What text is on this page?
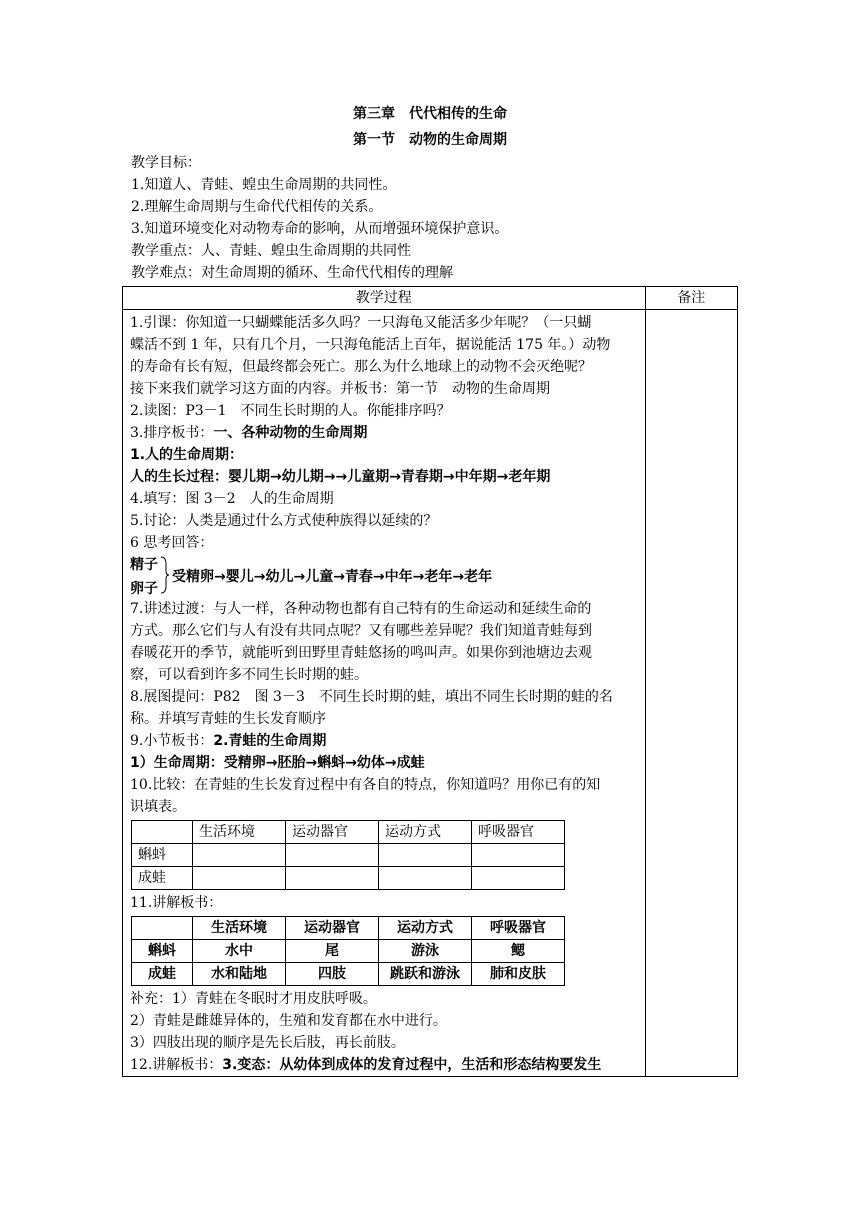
第三章　代代相传的生命
第一节　动物的生命周期
教学目标：
1.知道人、青蛙、蝗虫生命周期的共同性。
2.理解生命周期与生命代代相传的关系。
3.知道环境变化对动物寿命的影响，从而增强环境保护意识。
教学重点：人、青蛙、蝗虫生命周期的共同性
教学难点：对生命周期的循环、生命代代相传的理解
教学过程	备注

1.引课：你知道一只蝴蝶能活多久吗？一只海龟又能活多少年呢？（一只蝴
蝶活不到 1 年，只有几个月，一只海龟能活上百年，据说能活 175 年。）动物
的寿命有长有短，但最终都会死亡。那么为什么地球上的动物不会灭绝呢？
接下来我们就学习这方面的内容。并板书：第一节　动物的生命周期
2.读图：P3－1　不同生长时期的人。你能排序吗？
3.排序板书：一、各种动物的生命周期
1.人的生命周期：
人的生长过程：婴儿期→幼儿期→→儿童期→青春期→中年期→老年期
4.填写：图 3－2　人的生命周期
5.讨论：人类是通过什么方式使种族得以延续的？
6 思考回答：
精子
卵子
受精卵→婴儿→幼儿→儿童→青春→中年→老年→老年
7.讲述过渡：与人一样，各种动物也都有自己特有的生命运动和延续生命的
方式。那么它们与人有没有共同点呢？又有哪些差异呢？我们知道青蛙每到
春暖花开的季节，就能听到田野里青蛙悠扬的鸣叫声。如果你到池塘边去观
察，可以看到许多不同生长时期的蛙。
8.展图提问：P82　图 3－3　不同生长时期的蛙，填出不同生长时期的蛙的名
称。并填写青蛙的生长发育顺序
9.小节板书：2.青蛙的生命周期
1）生命周期：受精卵→胚胎→蝌蚪→幼体→成蛙
10.比较：在青蛙的生长发育过程中有各自的特点，你知道吗？用你已有的知
识填表。
	生活环境	运动器官	运动方式	呼吸器官
蝌蚪				
成蛙				
11.讲解板书：
	生活环境	运动器官	运动方式	呼吸器官
蝌蚪	水中	尾	游泳	鳃
成蛙	水和陆地	四肢	跳跃和游泳	肺和皮肤
补充：1）青蛙在冬眠时才用皮肤呼吸。
2）青蛙是雌雄异体的，生殖和发育都在水中进行。
3）四肢出现的顺序是先长后肢，再长前肢。
12.讲解板书：3.变态：从幼体到成体的发育过程中，生活和形态结构要发生
